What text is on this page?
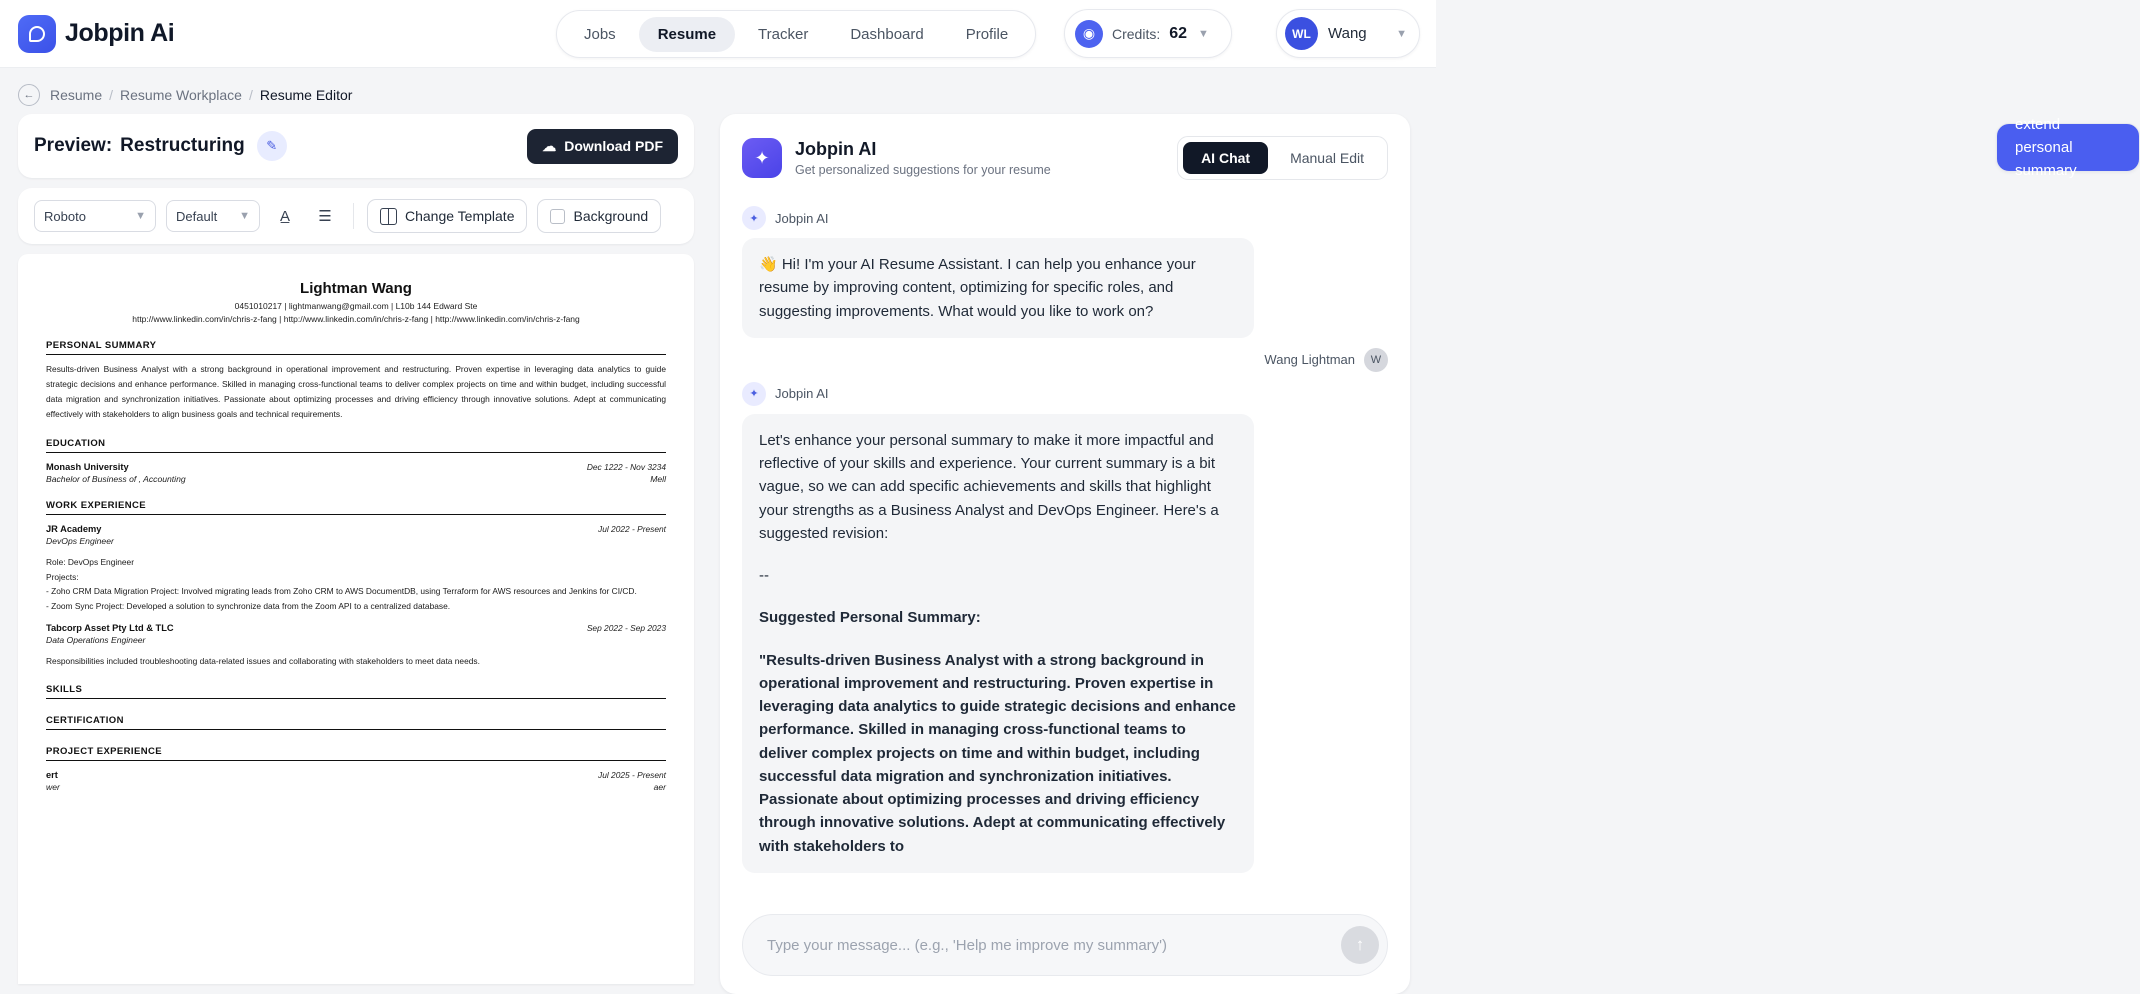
Jobpin Ai	Jobs	Resume	Tracker	Dashboard	Profile	◉	Credits: 62 ▼	WL	Wang	▼
←	Resume / Resume Workplace / Resume Editor
Preview: Restructuring	✎	☁ Download PDF
Roboto	▼ Default ▼	A̲	☰	Change Template	Background
Lightman Wang
0451010217 | lightmanwang@gmail.com | L10b 144 Edward Ste
http://www.linkedin.com/in/chris-z-fang | http://www.linkedin.com/in/chris-z-fang | http://www.linkedin.com/in/chris-z-fang
PERSONAL SUMMARY
Results-driven Business Analyst with a strong background in operational improvement and restructuring. Proven expertise in leveraging data analytics to guide strategic decisions and enhance performance. Skilled in managing cross-functional teams to deliver complex projects on time and within budget, including successful data migration and synchronization initiatives. Passionate about optimizing processes and driving efficiency through innovative solutions. Adept at communicating effectively with stakeholders to align business goals and technical requirements.
EDUCATION
Monash University	Dec 1222 - Nov 3234
Bachelor of Business of , Accounting	Mell
WORK EXPERIENCE
JR Academy	Jul 2022 - Present
DevOps Engineer
Role: DevOps Engineer
Projects:
- Zoho CRM Data Migration Project: Involved migrating leads from Zoho CRM to AWS DocumentDB, using Terraform for AWS resources and Jenkins for CI/CD.
- Zoom Sync Project: Developed a solution to synchronize data from the Zoom API to a centralized database.
Tabcorp Asset Pty Ltd & TLC	Sep 2022 - Sep 2023
Data Operations Engineer
Responsibilities included troubleshooting data-related issues and collaborating with stakeholders to meet data needs.
SKILLS
CERTIFICATION
PROJECT EXPERIENCE
ert	Jul 2025 - Present
wer	aer
✦	Jobpin AI
Get personalized suggestions for your resume
AI Chat	Manual Edit
✦	Jobpin AI
👋 Hi! I'm your AI Resume Assistant. I can help you enhance your resume by improving content, optimizing for specific roles, and suggesting improvements. What would you like to work on?
Wang Lightman	W
extend personal summary
✦	Jobpin AI

Let's enhance your personal summary to make it more impactful and reflective of your skills and experience. Your current summary is a bit vague, so we can add specific achievements and skills that highlight your strengths as a Business Analyst and DevOps Engineer. Here's a suggested revision:

--

Suggested Personal Summary:

"Results-driven Business Analyst with a strong background in operational improvement and restructuring. Proven expertise in leveraging data analytics to guide strategic decisions and enhance performance. Skilled in managing cross-functional teams to deliver complex projects on time and within budget, including successful data migration and synchronization initiatives. Passionate about optimizing processes and driving efficiency through innovative solutions. Adept at communicating effectively with stakeholders to

Type your message... (e.g., 'Help me improve my summary')
↑
